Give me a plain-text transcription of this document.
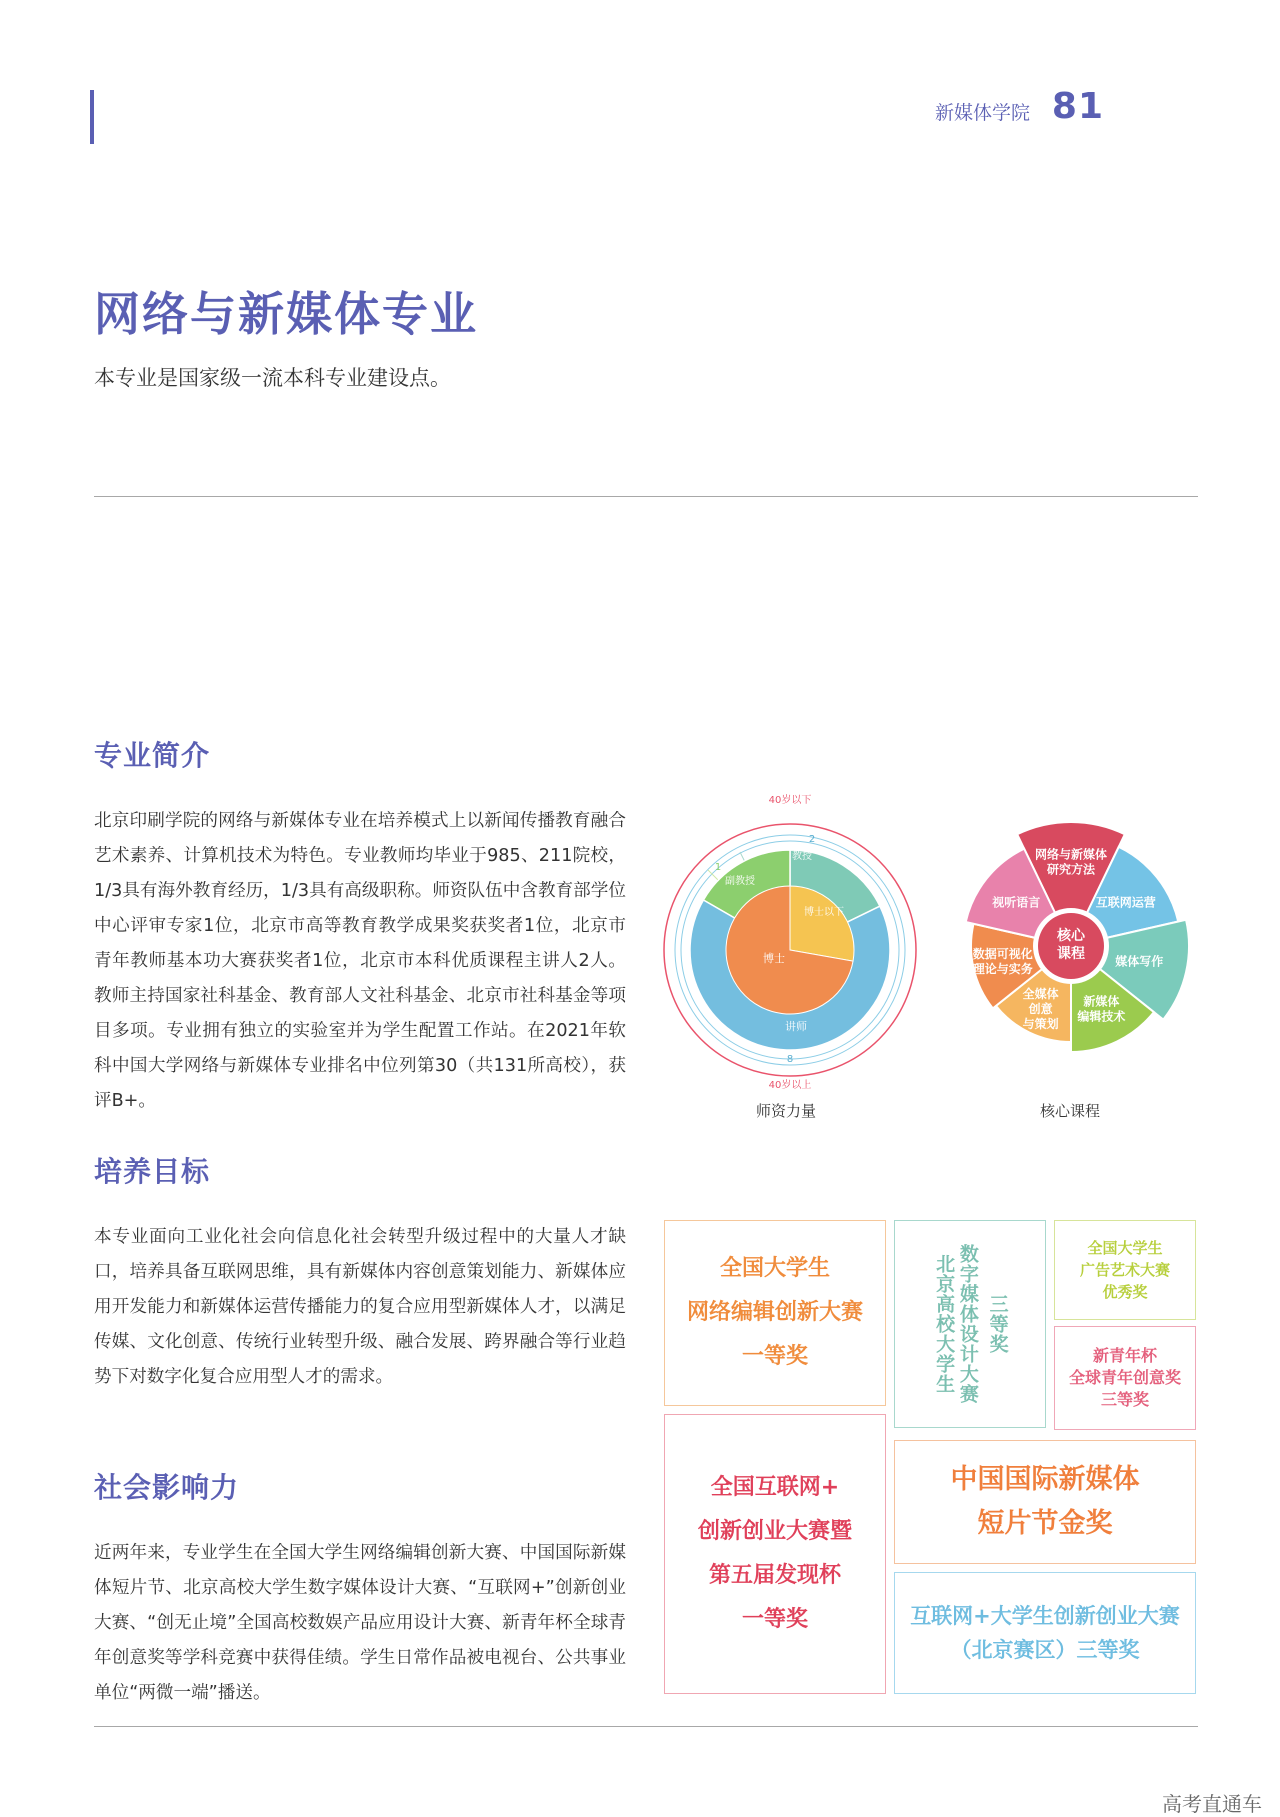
新媒体学院 81
网络与新媒体专业
本专业是国家级一流本科专业建设点。
专业简介
北京印刷学院的网络与新媒体专业在培养模式上以新闻传播教育融合艺术素养、计算机技术为特色。专业教师均毕业于985、211院校，1/3具有海外教育经历，1/3具有高级职称。师资队伍中含教育部学位中心评审专家1位，北京市高等教育教学成果奖获奖者1位，北京市青年教师基本功大赛获奖者1位，北京市本科优质课程主讲人2人。教师主持国家社科基金、教育部人文社科基金、北京市社科基金等项目多项。专业拥有独立的实验室并为学生配置工作站。在2021年软科中国大学网络与新媒体专业排名中位列第30（共131所高校），获评B+。
培养目标
本专业面向工业化社会向信息化社会转型升级过程中的大量人才缺口，培养具备互联网思维，具有新媒体内容创意策划能力、新媒体应用开发能力和新媒体运营传播能力的复合应用型新媒体人才，以满足传媒、文化创意、传统行业转型升级、融合发展、跨界融合等行业趋势下对数字化复合应用型人才的需求。
社会影响力
近两年来，专业学生在全国大学生网络编辑创新大赛、中国国际新媒体短片节、北京高校大学生数字媒体设计大赛、“互联网+”创新创业大赛、“创无止境”全国高校数娱产品应用设计大赛、新青年杯全球青年创意奖等学科竞赛中获得佳绩。学生日常作品被电视台、公共事业单位“两微一端”播送。
40岁以下
40岁以上
2
8
1
教授
副教授
讲师
博士
博士以下
师资力量
核心课程
网络与新媒体研究方法
互联网运营
媒体写作
新媒体编辑技术
全媒体创意与策划
数据可视化理论与实务
视听语言
核心课程
全国大学生
网络编辑创新大赛
一等奖	数字媒体设计大赛
北京高校大学生	三等奖
全国大学生
广告艺术大赛
优秀奖
新青年杯
全球青年创意奖
三等奖
全国互联网+
创新创业大赛暨
第五届发现杯
一等奖
中国国际新媒体
短片节金奖
互联网+大学生创新创业大赛
（北京赛区）三等奖
高考直通车
